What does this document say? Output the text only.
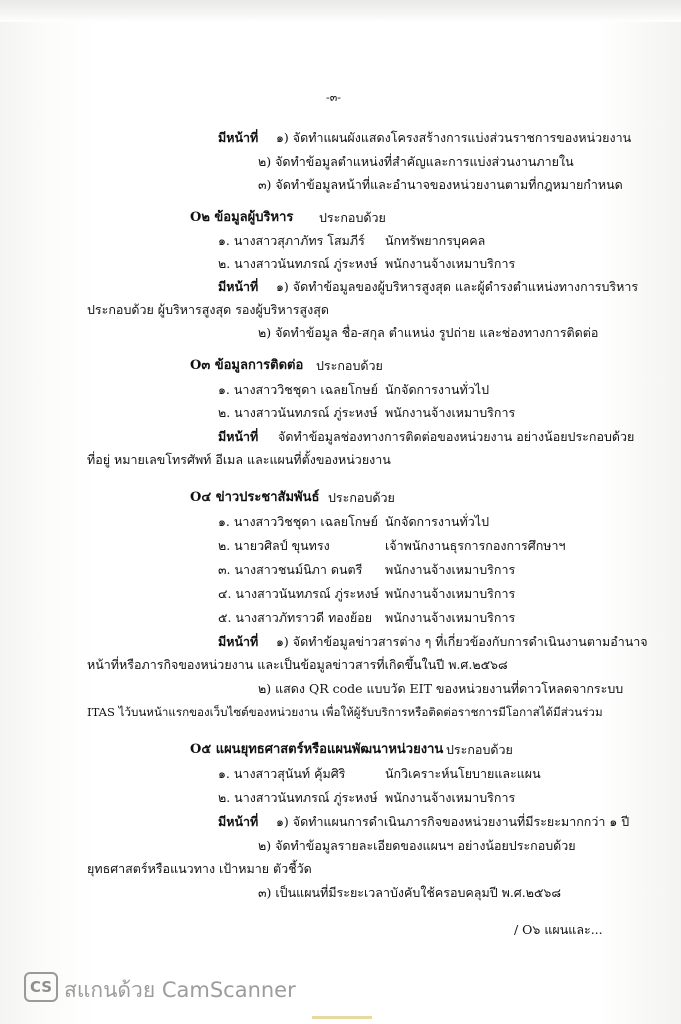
-๓-
มีหน้าที่ ๑) จัดทำแผนผังแสดงโครงสร้างการแบ่งส่วนราชการของหน่วยงาน
๒) จัดทำข้อมูลตำแหน่งที่สำคัญและการแบ่งส่วนงานภายใน
๓) จัดทำข้อมูลหน้าที่และอำนาจของหน่วยงานตามที่กฎหมายกำหนด
O๒ ข้อมูลผู้บริหาร ประกอบด้วย
๑. นางสาวสุภาภัทร โสมภีร์ นักทรัพยากรบุคคล
๒. นางสาวนันทภรณ์ ภู่ระหงษ์ พนักงานจ้างเหมาบริการ
มีหน้าที่ ๑) จัดทำข้อมูลของผู้บริหารสูงสุด และผู้ดำรงตำแหน่งทางการบริหาร
ประกอบด้วย ผู้บริหารสูงสุด รองผู้บริหารสูงสุด
๒) จัดทำข้อมูล ชื่อ-สกุล ตำแหน่ง รูปถ่าย และช่องทางการติดต่อ
O๓ ข้อมูลการติดต่อ ประกอบด้วย
๑. นางสาววิชชุดา เฉลยโกษย์ นักจัดการงานทั่วไป
๒. นางสาวนันทภรณ์ ภู่ระหงษ์ พนักงานจ้างเหมาบริการ
มีหน้าที่ จัดทำข้อมูลช่องทางการติดต่อของหน่วยงาน อย่างน้อยประกอบด้วย
ที่อยู่ หมายเลขโทรศัพท์ อีเมล และแผนที่ตั้งของหน่วยงาน
O๔ ข่าวประชาสัมพันธ์ ประกอบด้วย
๑. นางสาววิชชุดา เฉลยโกษย์ นักจัดการงานทั่วไป
๒. นายวศิลป์ ขุนทรง	เจ้าพนักงานธุรการกองการศึกษาฯ
๓. นางสาวชนม์นิภา ดนตรี พนักงานจ้างเหมาบริการ
๔. นางสาวนันทภรณ์ ภู่ระหงษ์ พนักงานจ้างเหมาบริการ
๕. นางสาวภัทราวดี ทองย้อย พนักงานจ้างเหมาบริการ
มีหน้าที่ ๑) จัดทำข้อมูลข่าวสารต่าง ๆ ที่เกี่ยวข้องกับการดำเนินงานตามอำนาจ
หน้าที่หรือภารกิจของหน่วยงาน และเป็นข้อมูลข่าวสารที่เกิดขึ้นในปี พ.ศ.๒๕๖๘
๒) แสดง QR code แบบวัด EIT ของหน่วยงานที่ดาวโหลดจากระบบ
ITAS ไว้บนหน้าแรกของเว็บไซต์ของหน่วยงาน เพื่อให้ผู้รับบริการหรือติดต่อราชการมีโอกาสได้มีส่วนร่วม
O๕ แผนยุทธศาสตร์หรือแผนพัฒนาหน่วยงาน ประกอบด้วย
๑. นางสาวสุนันท์ คุ้มศิริ	นักวิเคราะห์นโยบายและแผน
๒. นางสาวนันทภรณ์ ภู่ระหงษ์ พนักงานจ้างเหมาบริการ
มีหน้าที่ ๑) จัดทำแผนการดำเนินภารกิจของหน่วยงานที่มีระยะมากกว่า ๑ ปี
๒) จัดทำข้อมูลรายละเอียดของแผนฯ อย่างน้อยประกอบด้วย
ยุทธศาสตร์หรือแนวทาง เป้าหมาย ตัวชี้วัด
๓) เป็นแผนที่มีระยะเวลาบังคับใช้ครอบคลุมปี พ.ศ.๒๕๖๘
/ O๖ แผนและ...
CS สแกนด้วย CamScanner
